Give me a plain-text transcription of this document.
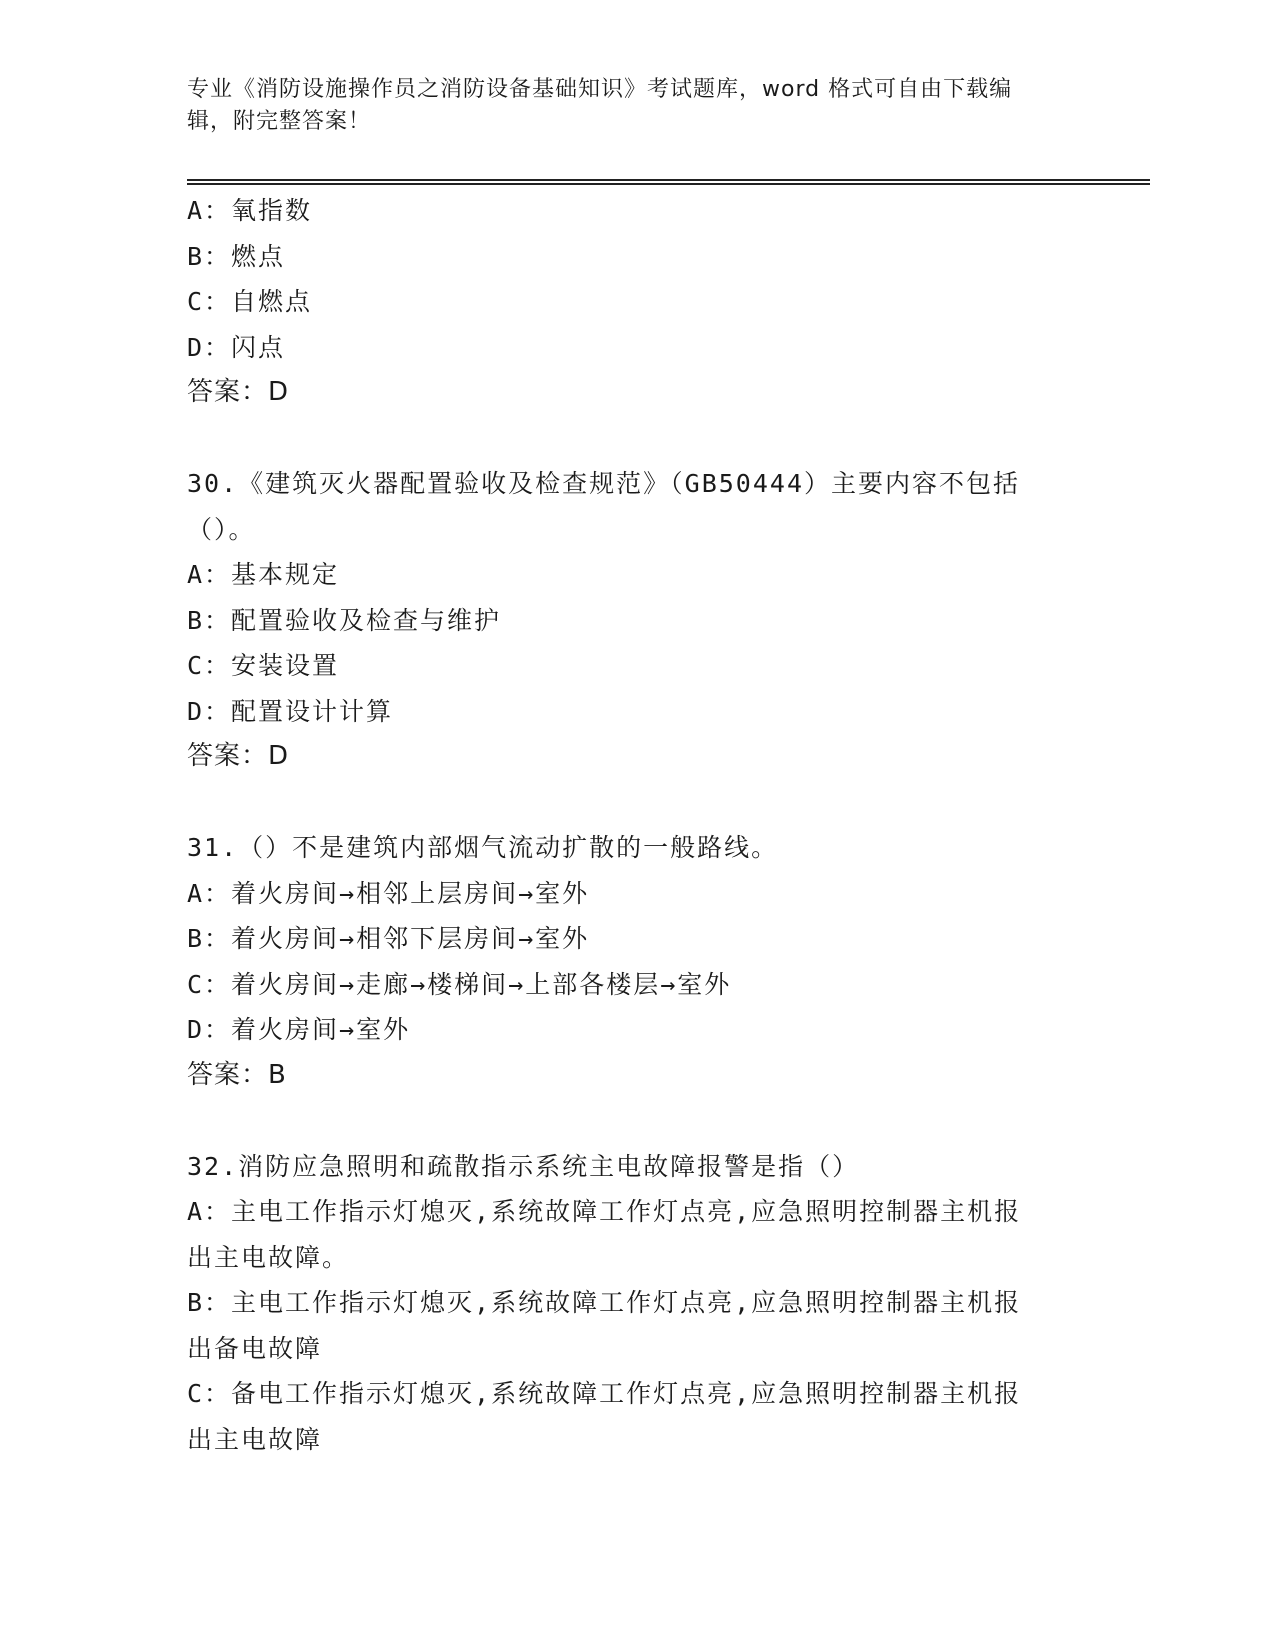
专业《消防设施操作员之消防设备基础知识》考试题库，word 格式可自由下载编
辑，附完整答案！
A：氧指数
B：燃点
C：自燃点
D：闪点
答案：D
30.《建筑灭火器配置验收及检查规范》（GB50444）主要内容不包括
（）。
A：基本规定
B：配置验收及检查与维护
C：安装设置
D：配置设计计算
答案：D
31.（）不是建筑内部烟气流动扩散的一般路线。
A：着火房间→相邻上层房间→室外
B：着火房间→相邻下层房间→室外
C：着火房间→走廊→楼梯间→上部各楼层→室外
D：着火房间→室外
答案：B
32.消防应急照明和疏散指示系统主电故障报警是指（）
A：主电工作指示灯熄灭,系统故障工作灯点亮,应急照明控制器主机报
出主电故障。
B：主电工作指示灯熄灭,系统故障工作灯点亮,应急照明控制器主机报
出备电故障
C：备电工作指示灯熄灭,系统故障工作灯点亮,应急照明控制器主机报
出主电故障
